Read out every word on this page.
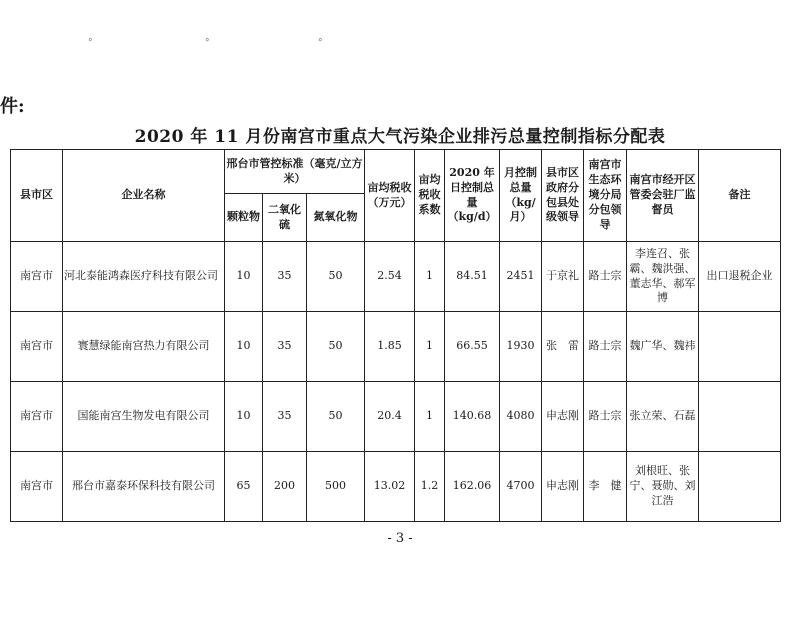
°	°	°
件:
2020 年 11 月份南宫市重点大气污染企业排污总量控制指标分配表
县市区	企业名称	邢台市管控标准（毫克/立方米）			亩均税收（万元）	亩均税收系数	2020 年日控制总量（kg/d）	月控制总量（kg/月）	县市区政府分包县处级领导	南宫市生态环境分局分包领导	南宫市经开区管委会驻厂监督员	备注
		颗粒物	二氧化硫	氮氧化物								
南宫市	河北泰能鸿森医疗科技有限公司	10	35	50	2.54	1	84.51	2451	于京礼	路士宗	李连召、张霸、魏洪强、董志华、郝军博	出口退税企业
南宫市	寰慧绿能南宫热力有限公司	10	35	50	1.85	1	66.55	1930	张　雷	路士宗	魏广华、魏祎	
南宫市	国能南宫生物发电有限公司	10	35	50	20.4	1	140.68	4080	申志刚	路士宗	张立荣、石磊	
南宫市	邢台市嘉泰环保科技有限公司	65	200	500	13.02	1.2	162.06	4700	申志刚	李　健	刘根旺、张宁、聂勋、刘江浩	
- 3 -
